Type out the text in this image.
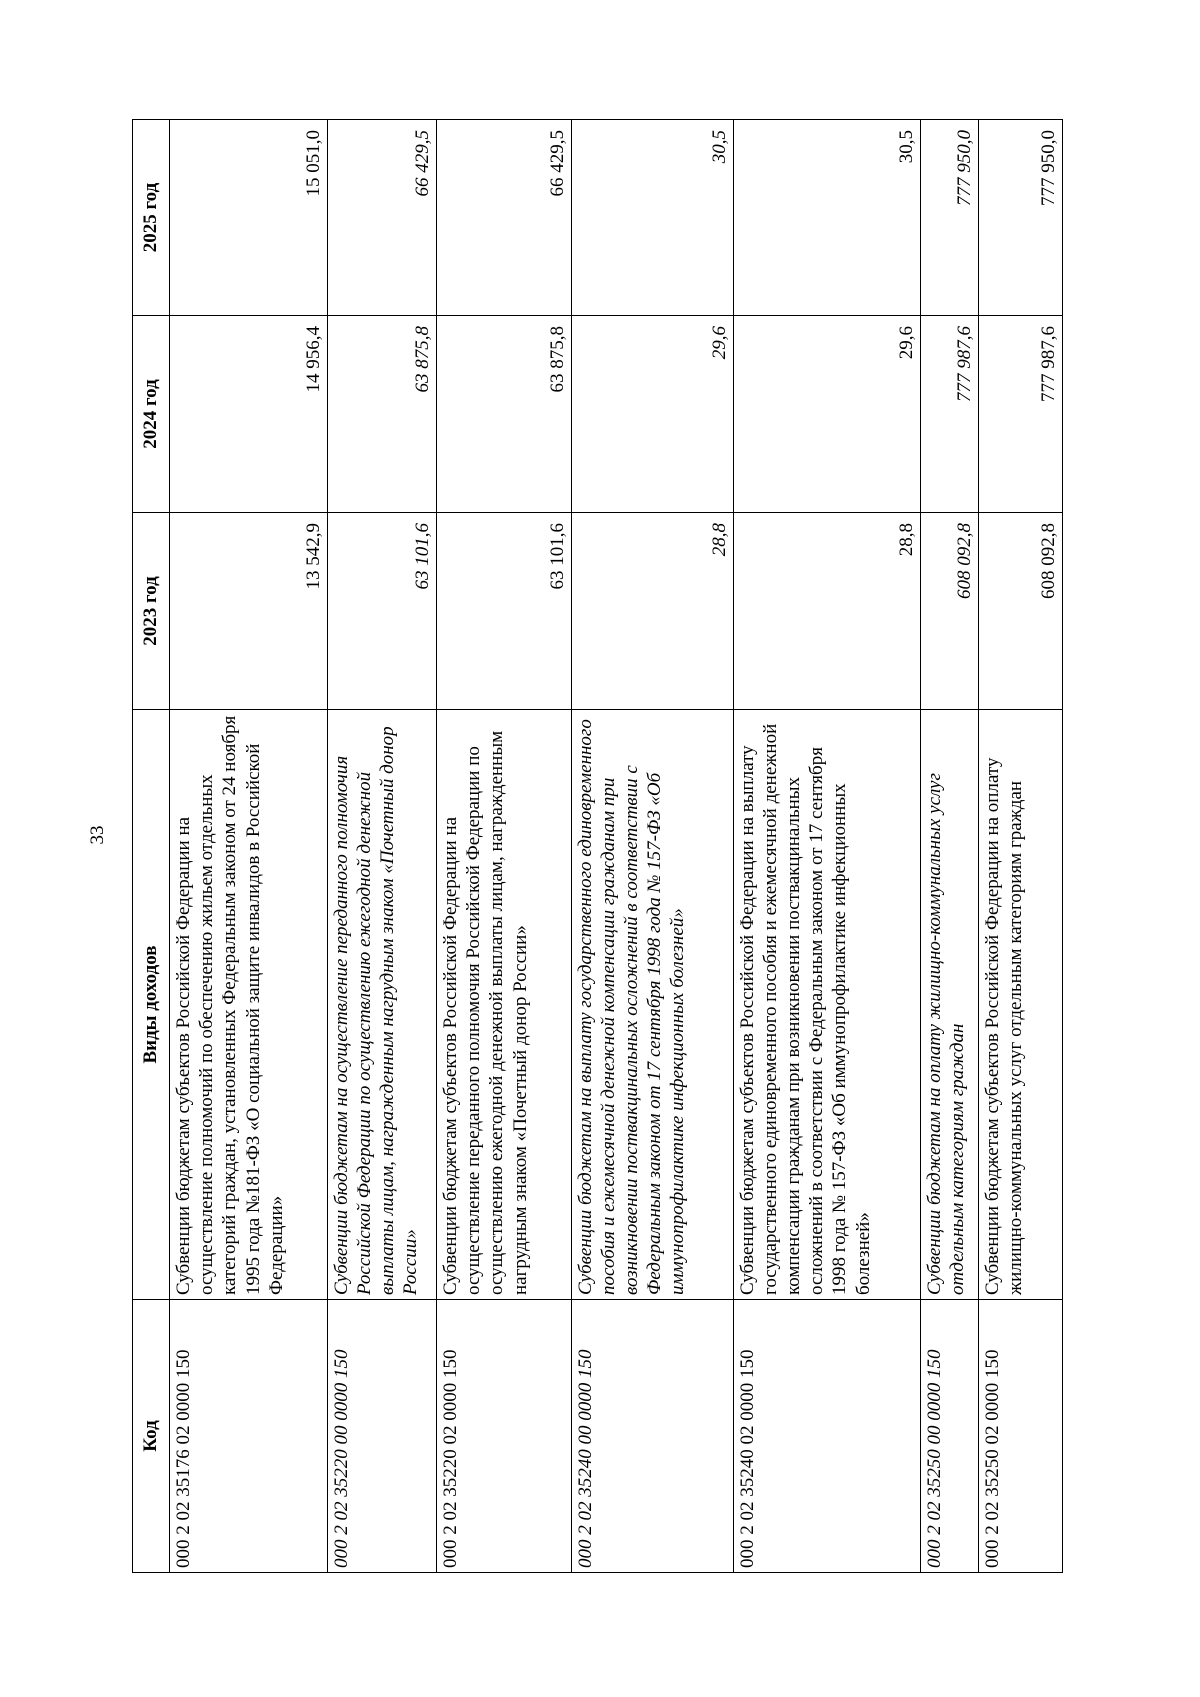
33
Код	Виды доходов	2023 год	2024 год	2025 год
000 2 02 35176 02 0000 150	Субвенции бюджетам субъектов Российской Федерации на осуществление полномочий по обеспечению жильем отдельных категорий граждан, установленных Федеральным законом от 24 ноября 1995 года №181-ФЗ «О социальной защите инвалидов в Российской Федерации»	13 542,9	14 956,4	15 051,0
000 2 02 35220 00 0000 150	Субвенции бюджетам на осуществление переданного полномочия Российской Федерации по осуществлению ежегодной денежной выплаты лицам, награжденным нагрудным знаком «Почетный донор России»	63 101,6	63 875,8	66 429,5
000 2 02 35220 02 0000 150	Субвенции бюджетам субъектов Российской Федерации на осуществление переданного полномочия Российской Федерации по осуществлению ежегодной денежной выплаты лицам, награжденным нагрудным знаком «Почетный донор России»	63 101,6	63 875,8	66 429,5
000 2 02 35240 00 0000 150	Субвенции бюджетам на выплату государственного единовременного пособия и ежемесячной денежной компенсации гражданам при возникновении поствакцинальных осложнений в соответствии с Федеральным законом от 17 сентября 1998 года № 157-ФЗ «Об иммунопрофилактике инфекционных болезней»	28,8	29,6	30,5
000 2 02 35240 02 0000 150	Субвенции бюджетам субъектов Российской Федерации на выплату государственного единовременного пособия и ежемесячной денежной компенсации гражданам при возникновении поствакцинальных осложнений в соответствии с Федеральным законом от 17 сентября 1998 года № 157-ФЗ «Об иммунопрофилактике инфекционных болезней»	28,8	29,6	30,5
000 2 02 35250 00 0000 150	Субвенции бюджетам на оплату жилищно-коммунальных услуг отдельным категориям граждан	608 092,8	777 987,6	777 950,0
000 2 02 35250 02 0000 150	Субвенции бюджетам субъектов Российской Федерации на оплату жилищно-коммунальных услуг отдельным категориям граждан	608 092,8	777 987,6	777 950,0
